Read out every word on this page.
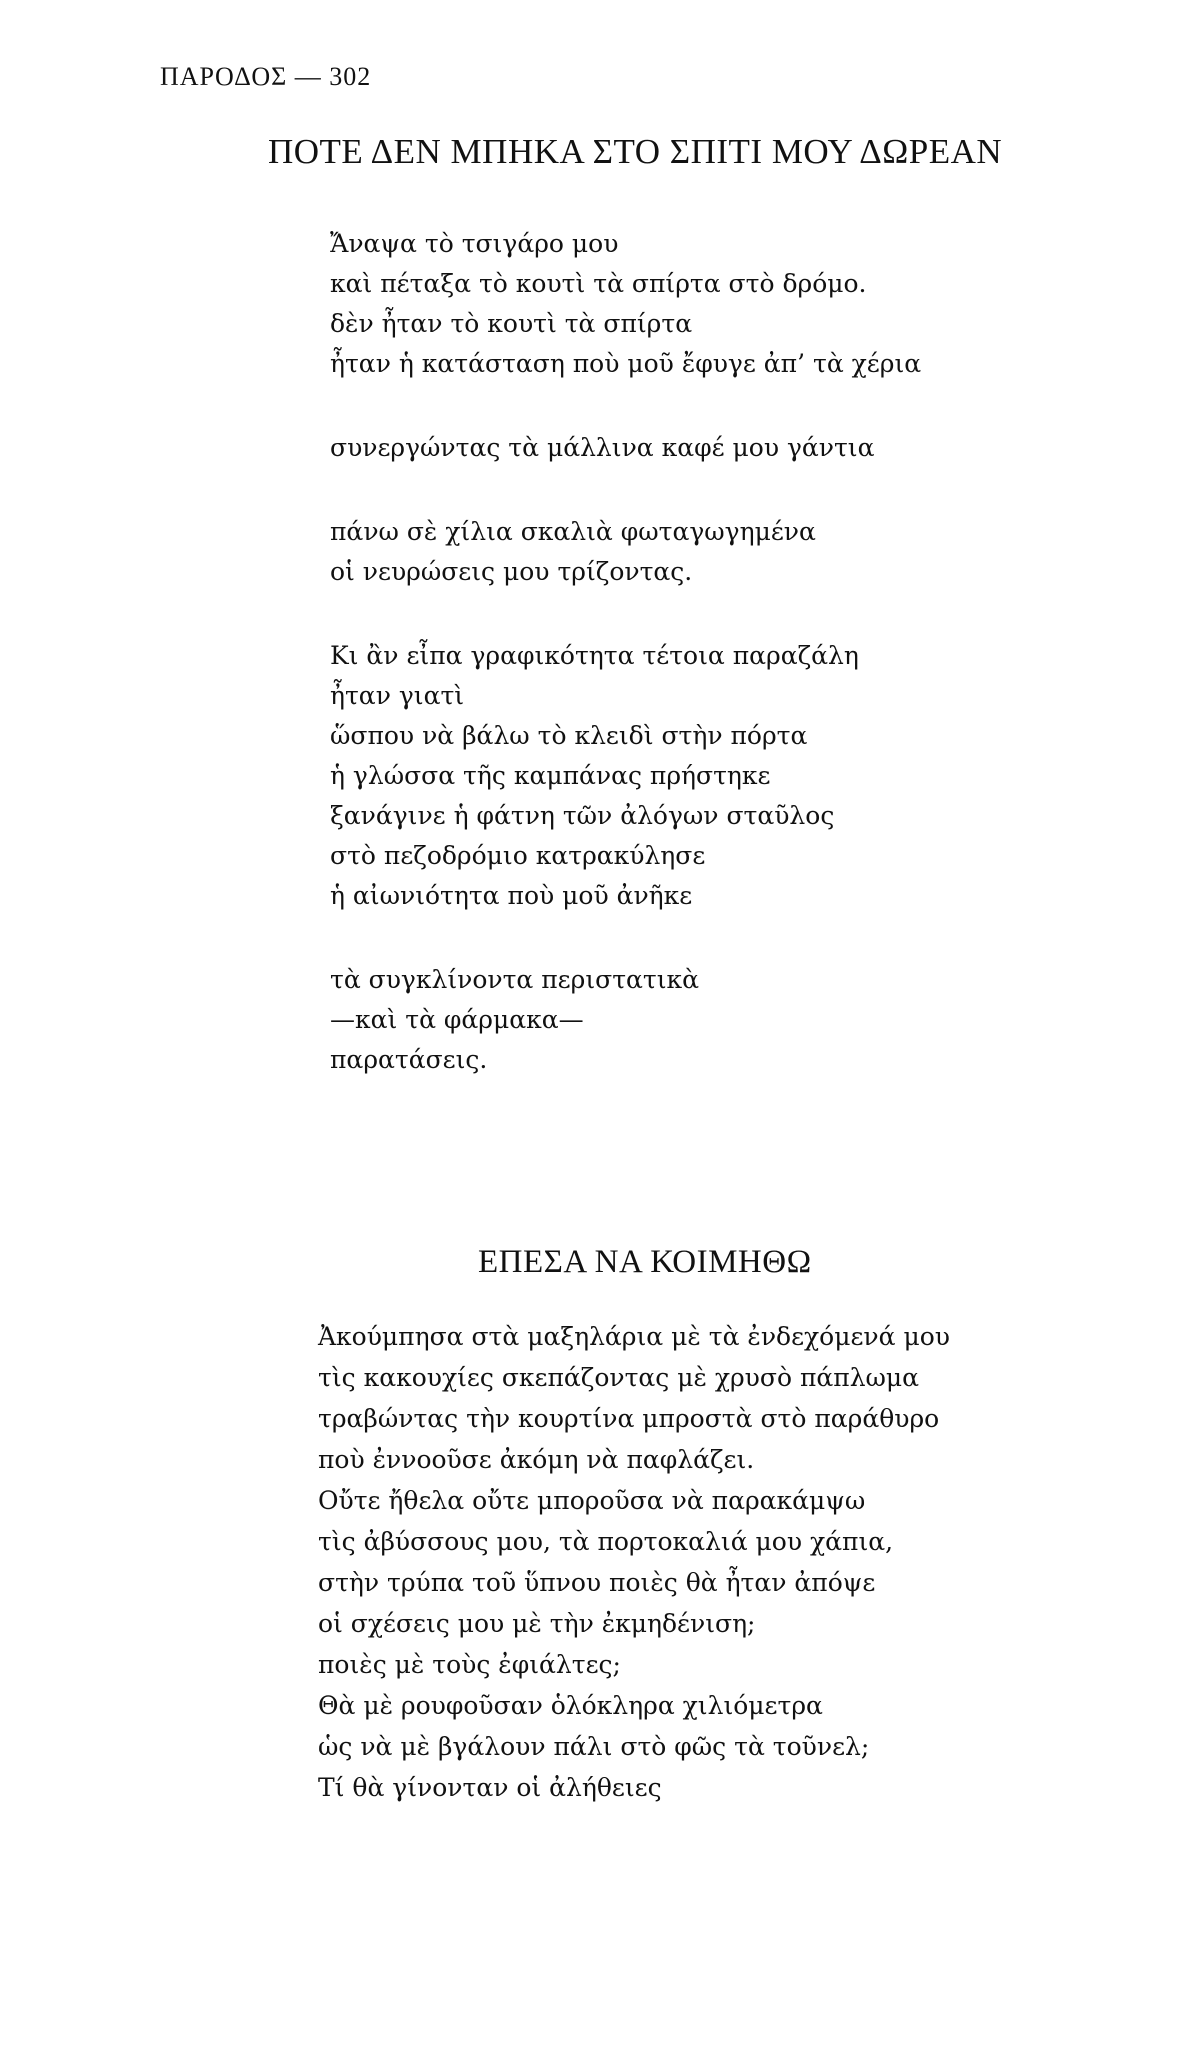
ΠΑΡΟΔΟΣ — 302
ΠΟΤΕ ΔΕΝ ΜΠΗΚΑ ΣΤΟ ΣΠΙΤΙ ΜΟΥ ΔΩΡΕΑΝ
Ἄναψα τὸ τσιγάρο μου
καὶ πέταξα τὸ κουτὶ τὰ σπίρτα στὸ δρόμο.
δὲν ἦταν τὸ κουτὶ τὰ σπίρτα
ἦταν ἡ κατάσταση ποὺ μοῦ ἔφυγε ἀπ’ τὰ χέρια
συνεργώντας τὰ μάλλινα καφέ μου γάντια
πάνω σὲ χίλια σκαλιὰ φωταγωγημένα
οἱ νευρώσεις μου τρίζοντας.
Κι ἂν εἶπα γραφικότητα τέτοια παραζάλη
ἦταν γιατὶ
ὥσπου νὰ βάλω τὸ κλειδὶ στὴν πόρτα
ἡ γλώσσα τῆς καμπάνας πρήστηκε
ξανάγινε ἡ φάτνη τῶν ἀλόγων σταῦλος
στὸ πεζοδρόμιο κατρακύλησε
ἡ αἰωνιότητα ποὺ μοῦ ἀνῆκε
τὰ συγκλίνοντα περιστατικὰ
—καὶ τὰ φάρμακα—
παρατάσεις.
ΕΠΕΣΑ ΝΑ ΚΟΙΜΗΘΩ
Ἀκούμπησα στὰ μαξηλάρια μὲ τὰ ἐνδεχόμενά μου
τὶς κακουχίες σκεπάζοντας μὲ χρυσὸ πάπλωμα
τραβώντας τὴν κουρτίνα μπροστὰ στὸ παράθυρο
ποὺ ἐννοοῦσε ἀκόμη νὰ παφλάζει.
Οὔτε ἤθελα οὔτε μποροῦσα νὰ παρακάμψω
τὶς ἀβύσσους μου, τὰ πορτοκαλιά μου χάπια,
στὴν τρύπα τοῦ ὕπνου ποιὲς θὰ ἦταν ἀπόψε
οἱ σχέσεις μου μὲ τὴν ἐκμηδένιση;
ποιὲς μὲ τοὺς ἐφιάλτες;
Θὰ μὲ ρουφοῦσαν ὁλόκληρα χιλιόμετρα
ὡς νὰ μὲ βγάλουν πάλι στὸ φῶς τὰ τοῦνελ;
Τί θὰ γίνονταν οἱ ἀλήθειες
